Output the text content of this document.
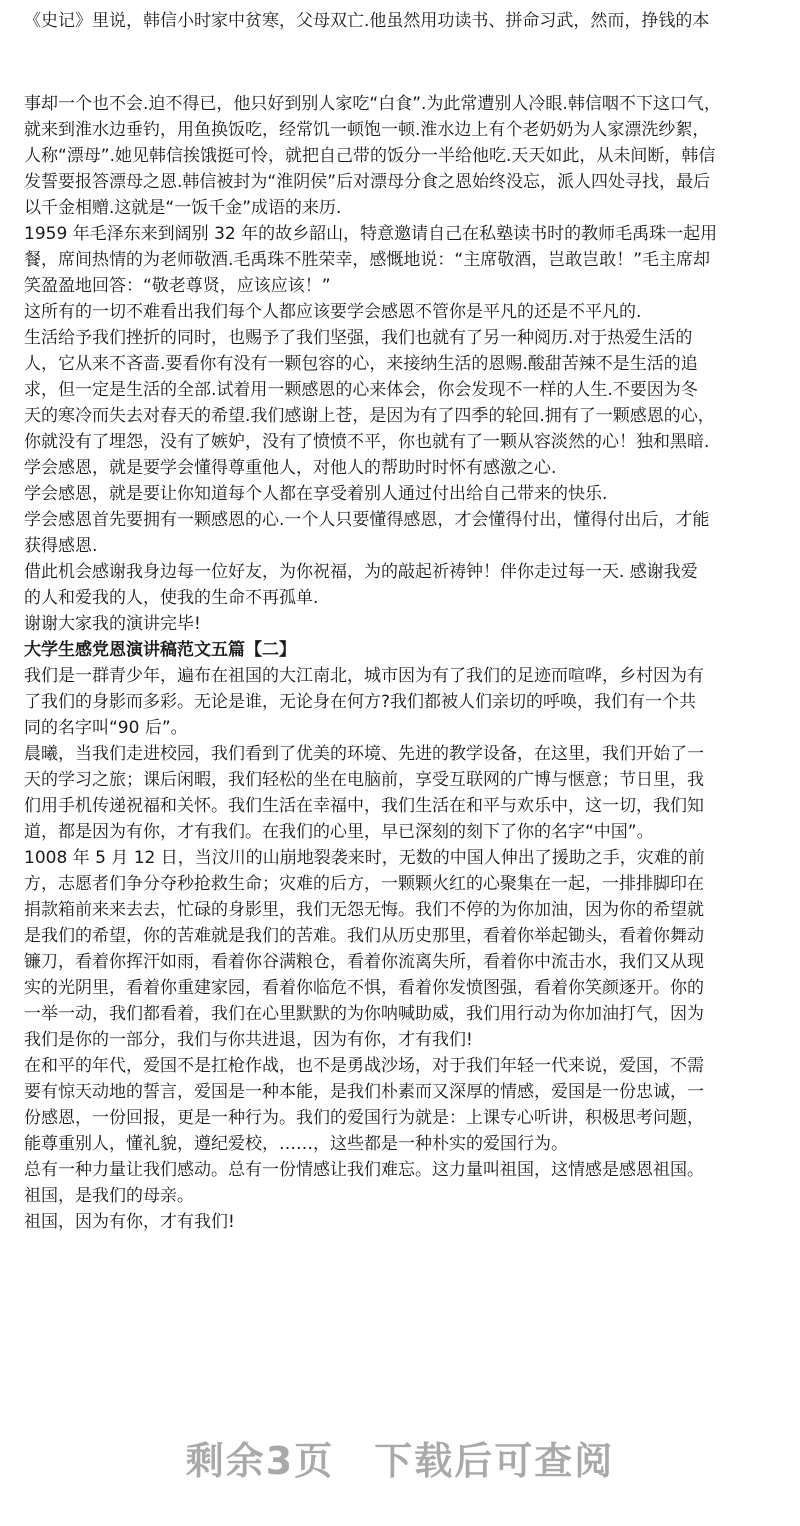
《史记》里说，韩信小时家中贫寒，父母双亡.他虽然用功读书、拼命习武，然而，挣钱的本
事却一个也不会.迫不得已，他只好到别人家吃“白食”.为此常遭别人冷眼.韩信咽不下这口气，
就来到淮水边垂钓，用鱼换饭吃，经常饥一顿饱一顿.淮水边上有个老奶奶为人家漂洗纱絮，
人称“漂母”.她见韩信挨饿挺可怜，就把自己带的饭分一半给他吃.天天如此，从未间断，韩信
发誓要报答漂母之恩.韩信被封为“淮阴侯”后对漂母分食之恩始终没忘，派人四处寻找，最后
以千金相赠.这就是“一饭千金”成语的来历.
1959 年毛泽东来到阔别 32 年的故乡韶山，特意邀请自己在私塾读书时的教师毛禹珠一起用
餐，席间热情的为老师敬酒.毛禹珠不胜荣幸，感慨地说：“主席敬酒，岂敢岂敢！”毛主席却
笑盈盈地回答：“敬老尊贤，应该应该！”
这所有的一切不难看出我们每个人都应该要学会感恩不管你是平凡的还是不平凡的.
生活给予我们挫折的同时，也赐予了我们坚强，我们也就有了另一种阅历.对于热爱生活的
人，它从来不吝啬.要看你有没有一颗包容的心，来接纳生活的恩赐.酸甜苦辣不是生活的追
求，但一定是生活的全部.试着用一颗感恩的心来体会，你会发现不一样的人生.不要因为冬
天的寒冷而失去对春天的希望.我们感谢上苍，是因为有了四季的轮回.拥有了一颗感恩的心，
你就没有了埋怨，没有了嫉妒，没有了愤愤不平，你也就有了一颗从容淡然的心！独和黑暗.
学会感恩，就是要学会懂得尊重他人，对他人的帮助时时怀有感激之心.
学会感恩，就是要让你知道每个人都在享受着别人通过付出给自己带来的快乐.
学会感恩首先要拥有一颗感恩的心.一个人只要懂得感恩，才会懂得付出，懂得付出后，才能
获得感恩.
借此机会感谢我身边每一位好友，为你祝福，为的敲起祈祷钟！伴你走过每一天. 感谢我爱
的人和爱我的人，使我的生命不再孤单.
谢谢大家我的演讲完毕!
大学生感党恩演讲稿范文五篇【二】
我们是一群青少年，遍布在祖国的大江南北，城市因为有了我们的足迹而喧哗，乡村因为有
了我们的身影而多彩。无论是谁，无论身在何方?我们都被人们亲切的呼唤，我们有一个共
同的名字叫“90 后”。
晨曦，当我们走进校园，我们看到了优美的环境、先进的教学设备，在这里，我们开始了一
天的学习之旅；课后闲暇，我们轻松的坐在电脑前，享受互联网的广博与惬意；节日里，我
们用手机传递祝福和关怀。我们生活在幸福中，我们生活在和平与欢乐中，这一切，我们知
道，都是因为有你，才有我们。在我们的心里，早已深刻的刻下了你的名字“中国”。
1008 年 5 月 12 日，当汶川的山崩地裂袭来时，无数的中国人伸出了援助之手，灾难的前
方，志愿者们争分夺秒抢救生命；灾难的后方，一颗颗火红的心聚集在一起，一排排脚印在
捐款箱前来来去去，忙碌的身影里，我们无怨无悔。我们不停的为你加油，因为你的希望就
是我们的希望，你的苦难就是我们的苦难。我们从历史那里，看着你举起锄头，看着你舞动
镰刀，看着你挥汗如雨，看着你谷满粮仓，看着你流离失所，看着你中流击水，我们又从现
实的光阴里，看着你重建家园，看着你临危不惧，看着你发愤图强，看着你笑颜逐开。你的
一举一动，我们都看着，我们在心里默默的为你呐喊助威，我们用行动为你加油打气，因为
我们是你的一部分，我们与你共进退，因为有你，才有我们!
在和平的年代，爱国不是扛枪作战，也不是勇战沙场，对于我们年轻一代来说，爱国，不需
要有惊天动地的誓言，爱国是一种本能，是我们朴素而又深厚的情感，爱国是一份忠诚，一
份感恩，一份回报，更是一种行为。我们的爱国行为就是：上课专心听讲，积极思考问题，
能尊重别人，懂礼貌，遵纪爱校，……，这些都是一种朴实的爱国行为。
总有一种力量让我们感动。总有一份情感让我们难忘。这力量叫祖国，这情感是感恩祖国。
祖国，是我们的母亲。
祖国，因为有你，才有我们!
剩余3页 下载后可查阅
